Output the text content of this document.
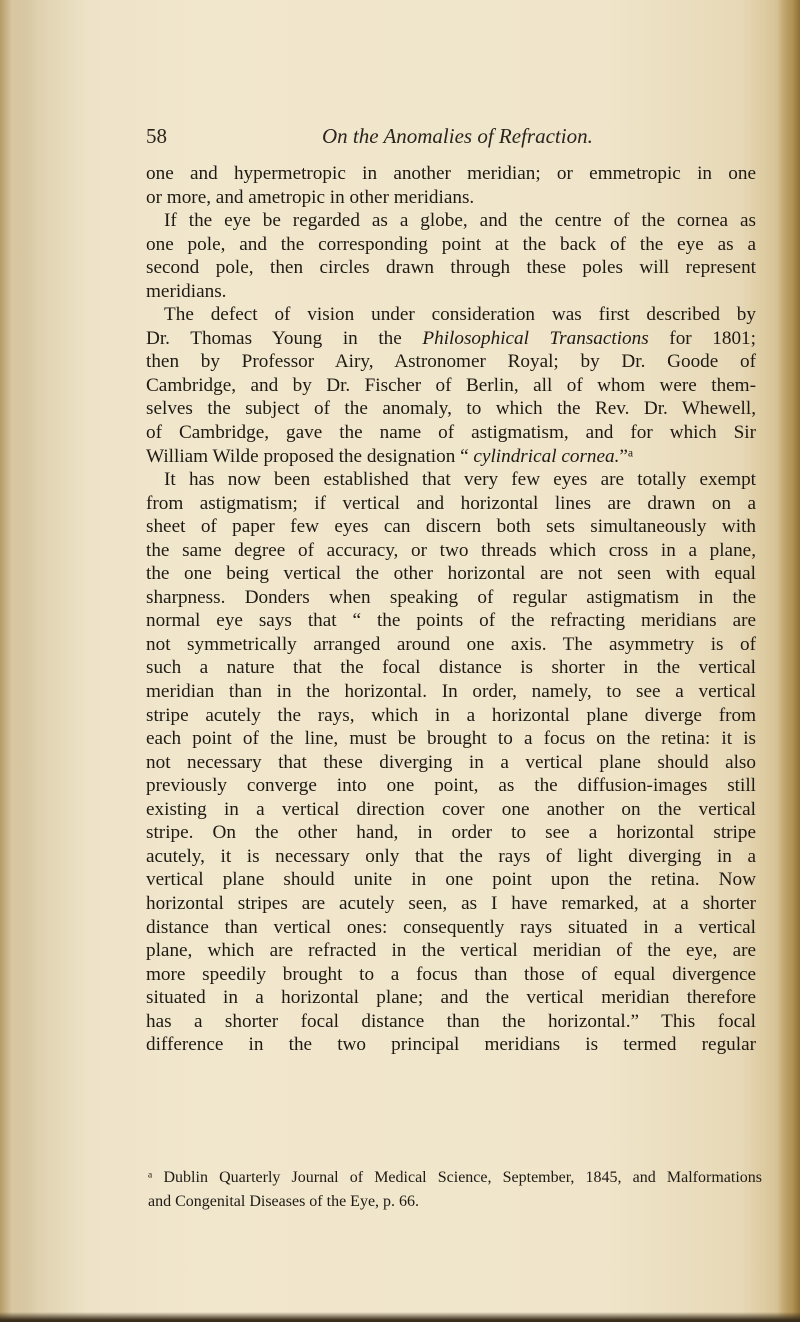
58	On the Anomalies of Refraction.
one and hypermetropic in another meridian; or emmetropic in one
or more, and ametropic in other meridians.
If the eye be regarded as a globe, and the centre of the cornea as
one pole, and the corresponding point at the back of the eye as a
second pole, then circles drawn through these poles will represent
meridians.
The defect of vision under consideration was first described by
Dr. Thomas Young in the Philosophical Transactions for 1801;
then by Professor Airy, Astronomer Royal; by Dr. Goode of
Cambridge, and by Dr. Fischer of Berlin, all of whom were them-
selves the subject of the anomaly, to which the Rev. Dr. Whewell,
of Cambridge, gave the name of astigmatism, and for which Sir
William Wilde proposed the designation “ cylindrical cornea.”ᵃ
It has now been established that very few eyes are totally exempt
from astigmatism; if vertical and horizontal lines are drawn on a
sheet of paper few eyes can discern both sets simultaneously with
the same degree of accuracy, or two threads which cross in a plane,
the one being vertical the other horizontal are not seen with equal
sharpness. Donders when speaking of regular astigmatism in the
normal eye says that “ the points of the refracting meridians are
not symmetrically arranged around one axis. The asymmetry is of
such a nature that the focal distance is shorter in the vertical
meridian than in the horizontal. In order, namely, to see a vertical
stripe acutely the rays, which in a horizontal plane diverge from
each point of the line, must be brought to a focus on the retina: it is
not necessary that these diverging in a vertical plane should also
previously converge into one point, as the diffusion-images still
existing in a vertical direction cover one another on the vertical
stripe. On the other hand, in order to see a horizontal stripe
acutely, it is necessary only that the rays of light diverging in a
vertical plane should unite in one point upon the retina. Now
horizontal stripes are acutely seen, as I have remarked, at a shorter
distance than vertical ones: consequently rays situated in a vertical
plane, which are refracted in the vertical meridian of the eye, are
more speedily brought to a focus than those of equal divergence
situated in a horizontal plane; and the vertical meridian therefore
has a shorter focal distance than the horizontal.” This focal
difference in the two principal meridians is termed regular
ᵃ Dublin Quarterly Journal of Medical Science, September, 1845, and Malformations
and Congenital Diseases of the Eye, p. 66.
